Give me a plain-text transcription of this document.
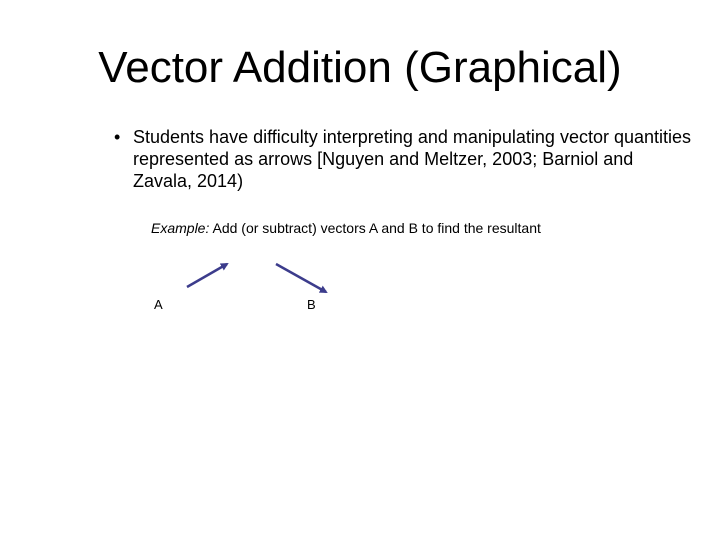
Vector Addition (Graphical)
• Students have difficulty interpreting and manipulating vector quantities represented as arrows [Nguyen and Meltzer, 2003; Barniol and Zavala, 2014)
Example: Add (or subtract) vectors A and B to find the resultant
A	B
